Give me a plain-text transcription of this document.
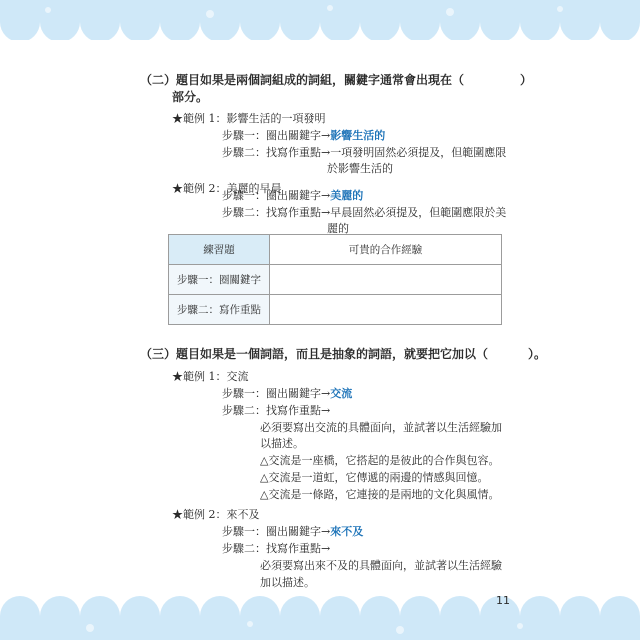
（二）題目如果是兩個詞組成的詞組，關鍵字通常會出現在（	）
部分。
★範例 1：影響生活的一項發明
步驟一：圈出關鍵字→影響生活的
步驟二：找寫作重點→一項發明固然必須提及，但範圍應限
於影響生活的
★範例 2：美麗的早晨
步驟一：圈出關鍵字→美麗的
步驟二：找寫作重點→早晨固然必須提及，但範圍應限於美
麗的
練習題	可貴的合作經驗
步驟一：圈關鍵字	
步驟二：寫作重點	
（三）題目如果是一個詞語，而且是抽象的詞語，就要把它加以（	）。
★範例 1：交流
步驟一：圈出關鍵字→交流
步驟二：找寫作重點→
必須要寫出交流的具體面向，並試著以生活經驗加
以描述。
△交流是一座橋，它搭起的是彼此的合作與包容。
△交流是一道虹，它傳遞的兩邊的情感與回憶。
△交流是一條路，它連接的是兩地的文化與風情。
★範例 2：來不及
步驟一：圈出關鍵字→來不及
步驟二：找寫作重點→
必須要寫出來不及的具體面向，並試著以生活經驗
加以描述。
11
